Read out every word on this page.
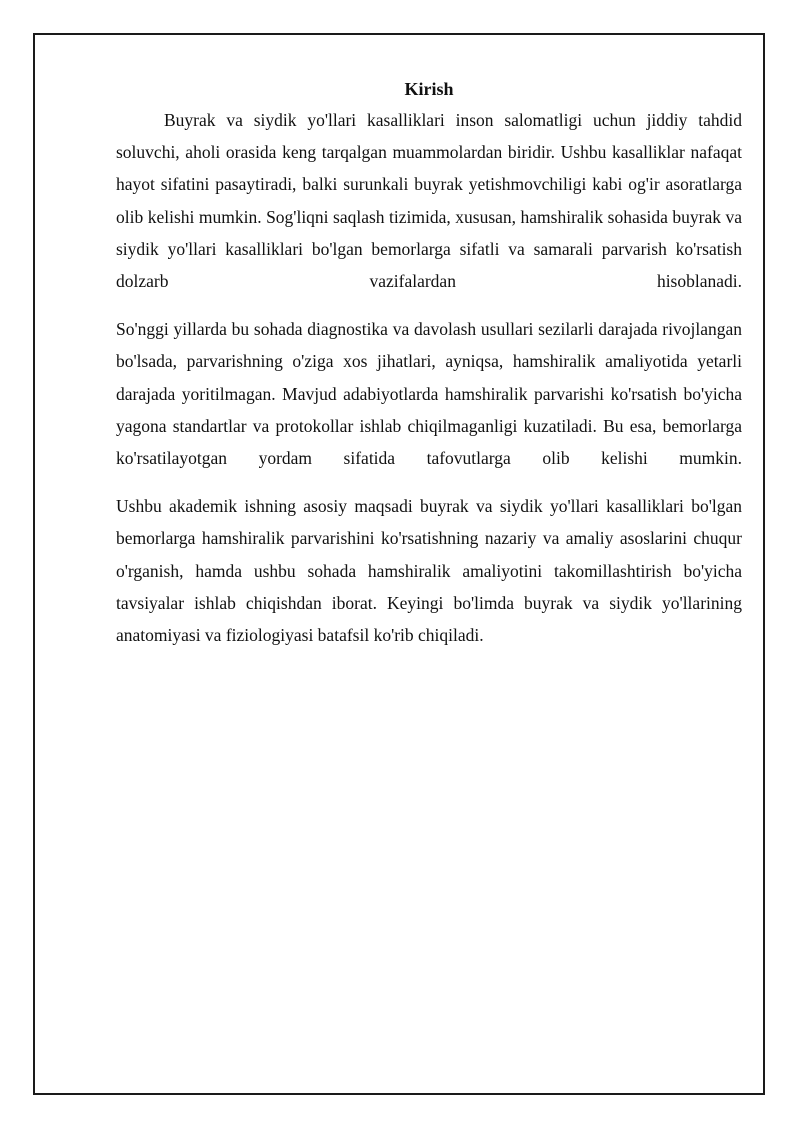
Kirish

Buyrak va siydik yo'llari kasalliklari inson salomatligi uchun jiddiy tahdid soluvchi, aholi orasida keng tarqalgan muammolardan biridir. Ushbu kasalliklar nafaqat hayot sifatini pasaytiradi, balki surunkali buyrak yetishmovchiligi kabi og'ir asoratlarga olib kelishi mumkin. Sog'liqni saqlash tizimida, xususan, hamshiralik sohasida buyrak va siydik yo'llari kasalliklari bo'lgan bemorlarga sifatli va samarali parvarish ko'rsatish dolzarb vazifalardan hisoblanadi.

So'nggi yillarda bu sohada diagnostika va davolash usullari sezilarli darajada rivojlangan bo'lsada, parvarishning o'ziga xos jihatlari, ayniqsa, hamshiralik amaliyotida yetarli darajada yoritilmagan. Mavjud adabiyotlarda hamshiralik parvarishi ko'rsatish bo'yicha yagona standartlar va protokollar ishlab chiqilmaganligi kuzatiladi. Bu esa, bemorlarga ko'rsatilayotgan yordam sifatida tafovutlarga olib kelishi mumkin.

Ushbu akademik ishning asosiy maqsadi buyrak va siydik yo'llari kasalliklari bo'lgan bemorlarga hamshiralik parvarishini ko'rsatishning nazariy va amaliy asoslarini chuqur o'rganish, hamda ushbu sohada hamshiralik amaliyotini takomillashtirish bo'yicha tavsiyalar ishlab chiqishdan iborat. Keyingi bo'limda buyrak va siydik yo'llarining anatomiyasi va fiziologiyasi batafsil ko'rib chiqiladi.
